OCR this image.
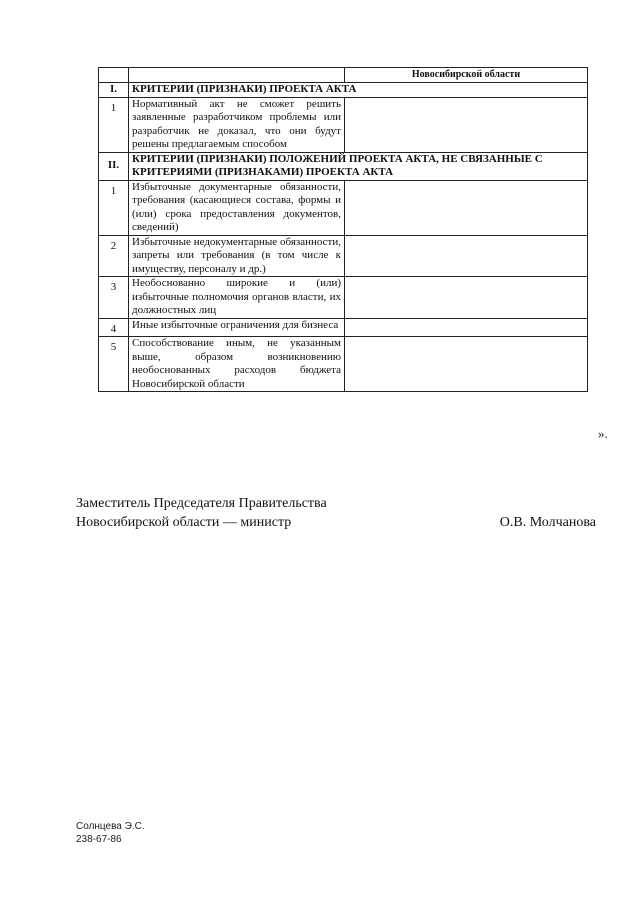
		Новосибирской области
I.	КРИТЕРИИ (ПРИЗНАКИ) ПРОЕКТА АКТА	
1	Нормативный акт не сможет решить заявленные разработчиком проблемы или разработчик не доказал, что они будут решены предлагаемым способом	
II.	КРИТЕРИИ (ПРИЗНАКИ) ПОЛОЖЕНИЙ ПРОЕКТА АКТА, НЕ СВЯЗАННЫЕ С КРИТЕРИЯМИ (ПРИЗНАКАМИ) ПРОЕКТА АКТА	
1	Избыточные документарные обязанности, требования (касающиеся состава, формы и (или) срока предоставления документов, сведений)	
2	Избыточные недокументарные обязанности, запреты или требования (в том числе к имуществу, персоналу и др.)	
3	Необоснованно широкие и (или) избыточные полномочия органов власти, их должностных лиц	
4	Иные избыточные ограничения для бизнеса	
5	Способствование иным, не указанным выше, образом возникновению необоснованных расходов бюджета Новосибирской области	
».
Заместитель Председателя Правительства
Новосибирской области — министр	О.В. Молчанова
Солнцева Э.С.
238-67-86
